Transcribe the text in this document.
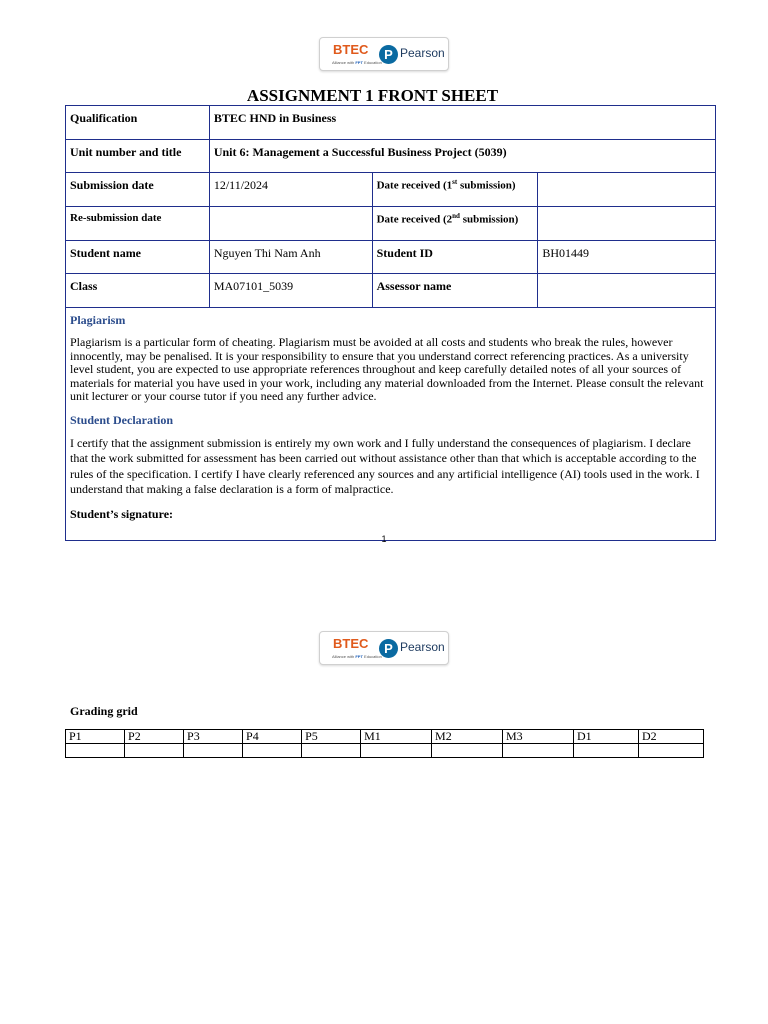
BTEC
Alliance with FPT Education
P Pearson
ASSIGNMENT 1 FRONT SHEET
Qualification	BTEC HND in Business		
Unit number and title	Unit 6: Management a Successful Business Project (5039)		
Submission date	12/11/2024	Date received (1st submission)	
Re-submission date		Date received (2nd submission)	
Student name	Nguyen Thi Nam Anh	Student ID	BH01449
Class	MA07101_5039	Assessor name	

Plagiarism

Plagiarism is a particular form of cheating. Plagiarism must be avoided at all costs and students who break the rules, however innocently, may be penalised. It is your responsibility to ensure that you understand correct referencing practices. As a university level student, you are expected to use appropriate references throughout and keep carefully detailed notes of all your sources of materials for material you have used in your work, including any material downloaded from the Internet. Please consult the relevant unit lecturer or your course tutor if you need any further advice.

Student Declaration

I certify that the assignment submission is entirely my own work and I fully understand the consequences of plagiarism. I declare that the work submitted for assessment has been carried out without assistance other than that which is acceptable according to the rules of the specification. I certify I have clearly referenced any sources and any artificial intelligence (AI) tools used in the work. I understand that making a false declaration is a form of malpractice.

Student’s signature:			
1
BTEC
Alliance with FPT Education
P Pearson
Grading grid
P1	P2	P3	P4	P5	M1	M2	M3	D1	D2
